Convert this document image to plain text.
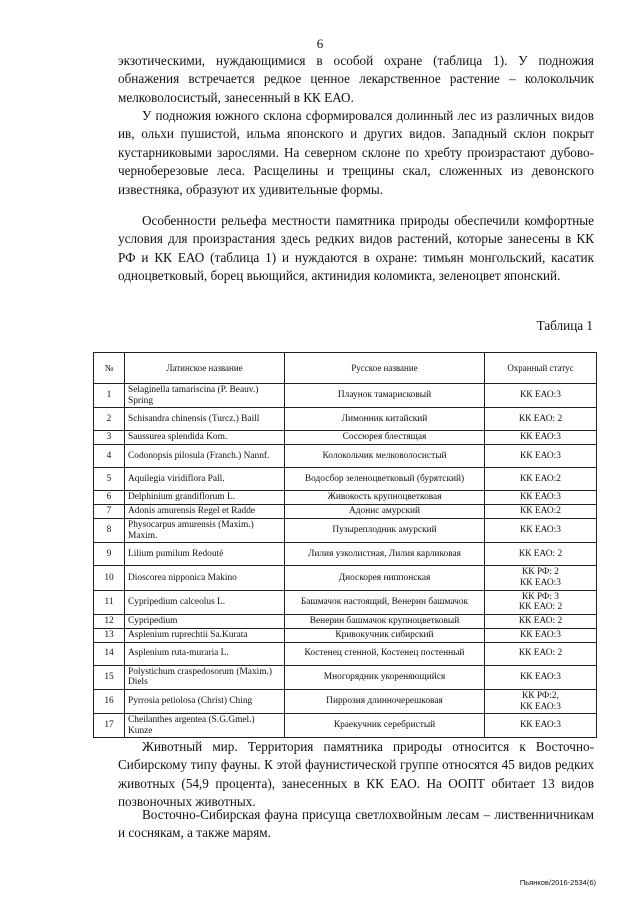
6

экзотическими, нуждающимися в особой охране (таблица 1). У подножия обнажения встречается редкое ценное лекарственное растение – колокольчик мелковолосистый, занесенный в КК ЕАО.

У подножия южного склона сформировался долинный лес из различных видов ив, ольхи пушистой, ильма японского и других видов. Западный склон покрыт кустарниковыми зарослями. На северном склоне по хребту произрастают дубово-черноберезовые леса. Расщелины и трещины скал, сложенных из девонского известняка, образуют их удивительные формы.

Особенности рельефа местности памятника природы обеспечили комфортные условия для произрастания здесь редких видов растений, которые занесены в КК РФ и КК ЕАО (таблица 1) и нуждаются в охране: тимьян монгольский, касатик одноцветковый, борец вьющийся, актинидия коломикта, зеленоцвет японский.

Таблица 1
№	Латинское название	Русское название	Охранный статус
1	Selaginella tamariscina (P. Beauv.) Spring	Плаунок тамарисковый	КК ЕАО:3
2	Schisandra chinensis (Turcz.) Baill	Лимонник китайский	КК ЕАО: 2
3	Saussurea splendida Kom.	Соссюрея блестящая	КК ЕАО:3
4	Codonopsis pilosula (Franch.) Nannf.	Колокольчик мелковолосистый	КК ЕАО:3
5	Aquilegia viridiflora Pall.	Водосбор зеленоцветковый (бурятский)	КК ЕАО:2
6	Delphinium grandiflorum L.	Живокость крупноцветковая	КК ЕАО:3
7	Adonis amurensis Regel et Radde	Адонис амурский	КК ЕАО:2
8	Physocarpus amurensis (Maxim.) Maxim.	Пузыреплодник амурский	КК ЕАО:3
9	Lilium pumilum Redouté	Лилия узколистная, Лилия карликовая	КК ЕАО: 2
10	Dioscorea nipponica Makino	Диоскорея ниппонская	КК РФ: 2
КК ЕАО:3
11	Cypripedium calceolus L.	Башмачок настоящий, Венерин башмачок	КК РФ: 3
КК ЕАО: 2
12	Cypripedium	Венерин башмачок крупноцветковый	КК ЕАО: 2
13	Asplenium ruprechtii Sa.Kurata	Кривокучник сибирский	КК ЕАО:3
14	Asplenium ruta-muraria L.	Костенец стенной, Костенец постенный	КК ЕАО: 2
15	Polystichum craspedosorum (Maxim.) Diels	Многорядник укореняющийся	КК ЕАО:3
16	Pyrrosia petiolosa (Christ) Ching	Пиррозия длинночерешковая	КК РФ:2,
КК ЕАО:3
17	Cheilanthes argentea (S.G.Gmel.) Kunze	Краекучник серебристый	КК ЕАО:3

Животный мир. Территория памятника природы относится к Восточно-Сибирскому типу фауны. К этой фаунистической группе относятся 45 видов редких животных (54,9 процента), занесенных в КК ЕАО. На ООПТ обитает 13 видов позвоночных животных.

Восточно-Сибирская фауна присуща светлохвойным лесам – лиственничникам и соснякам, а также марям.

Пьянков/2016-2534(6)
